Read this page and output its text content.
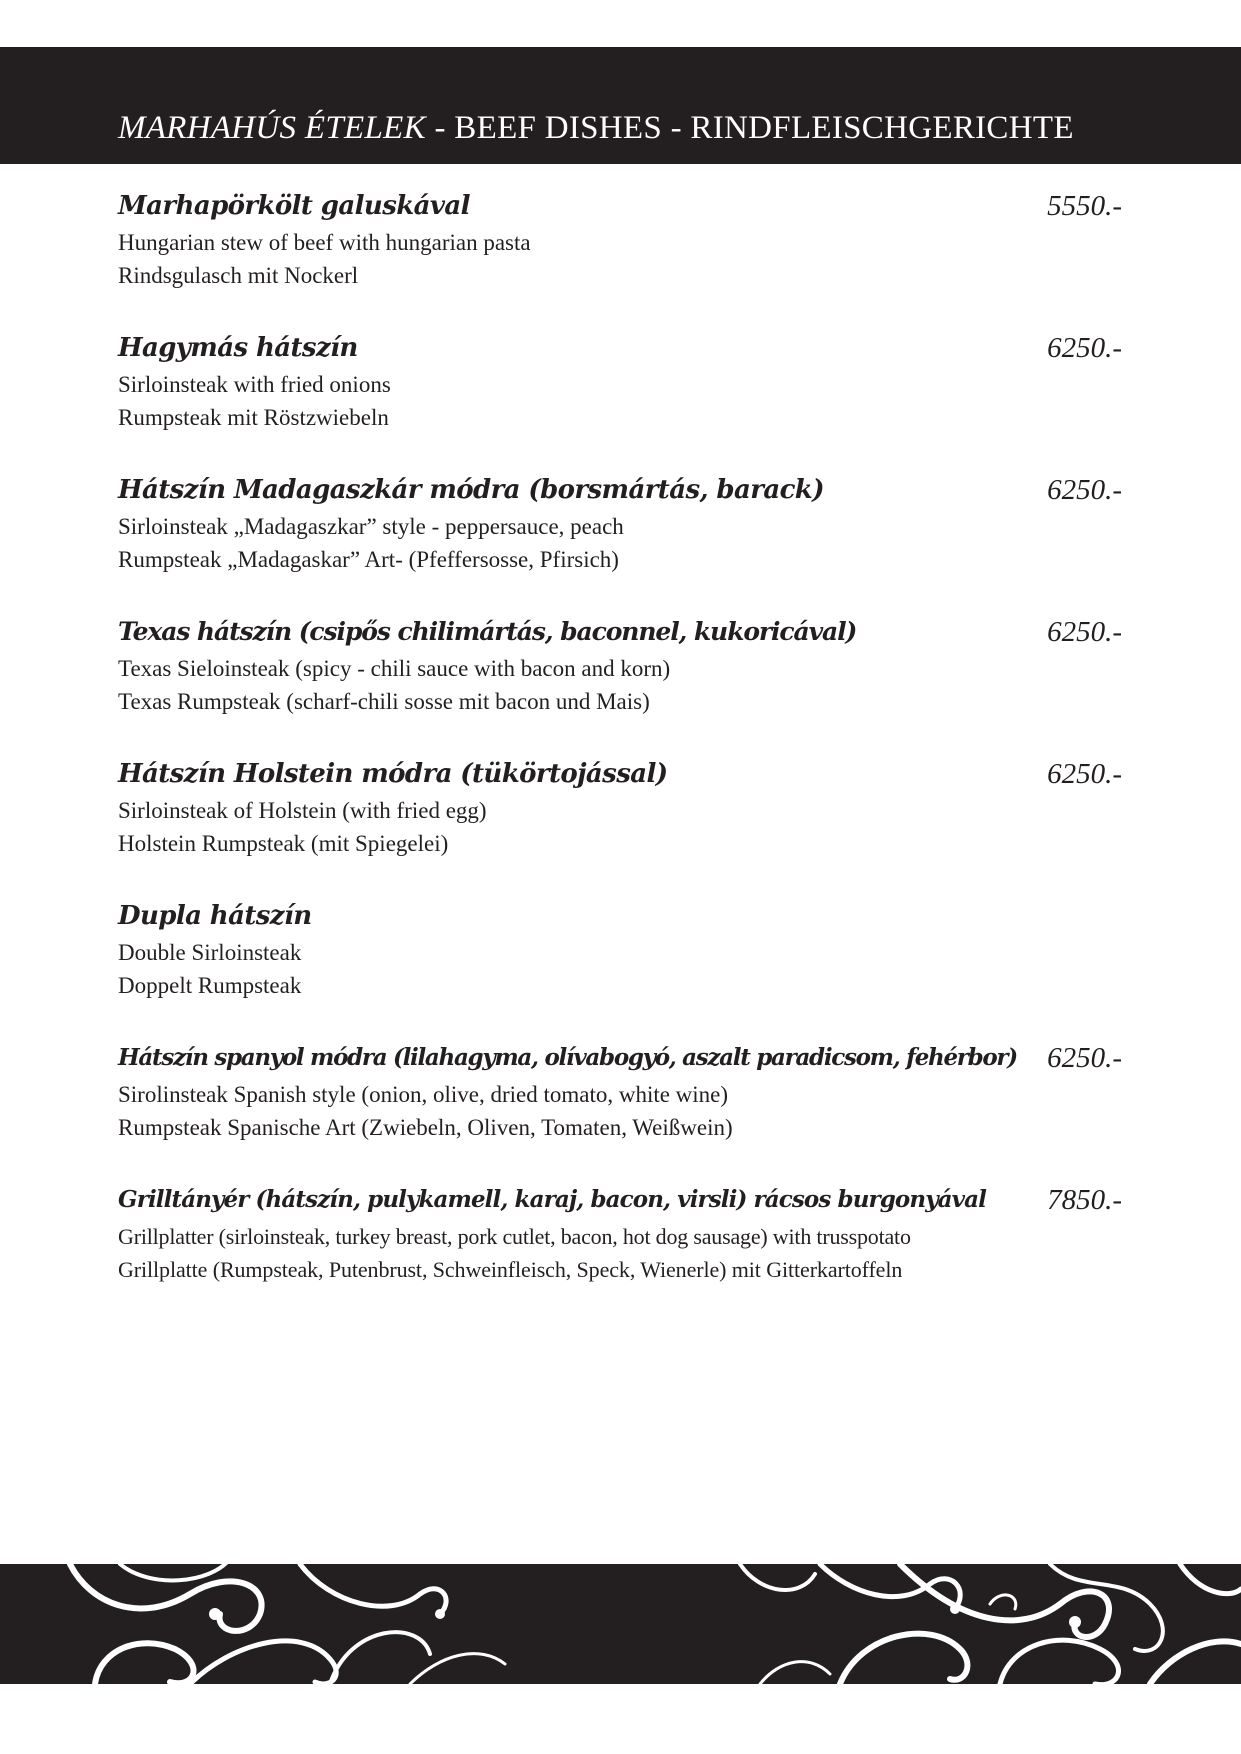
MARHAHÚS ÉTELEK - BEEF DISHES - RINDFLEISCHGERICHTE
Marhapörkölt galuskával	5550.-
Hungarian stew of beef with hungarian pasta
Rindsgulasch mit Nockerl
Hagymás hátszín	6250.-
Sirloinsteak with fried onions
Rumpsteak mit Röstzwiebeln
Hátszín Madagaszkár módra (borsmártás, barack)	6250.-
Sirloinsteak „Madagaszkar” style - peppersauce, peach
Rumpsteak „Madagaskar” Art- (Pfeffersosse, Pfirsich)
Texas hátszín (csipős chilimártás, baconnel, kukoricával)	6250.-
Texas Sieloinsteak (spicy - chili sauce with bacon and korn)
Texas Rumpsteak (scharf-chili sosse mit bacon und Mais)
Hátszín Holstein módra (tükörtojással)	6250.-
Sirloinsteak of Holstein (with fried egg)
Holstein Rumpsteak (mit Spiegelei)
Dupla hátszín
Double Sirloinsteak
Doppelt Rumpsteak
Hátszín spanyol módra (lilahagyma, olívabogyó, aszalt paradicsom, fehérbor) 6250.-
Sirolinsteak Spanish style (onion, olive, dried tomato, white wine)
Rumpsteak Spanische Art (Zwiebeln, Oliven, Tomaten, Weißwein)
Grilltányér (hátszín, pulykamell, karaj, bacon, virsli) rácsos burgonyával 7850.-
Grillplatter (sirloinsteak, turkey breast, pork cutlet, bacon, hot dog sausage) with trusspotato
Grillplatte (Rumpsteak, Putenbrust, Schweinfleisch, Speck, Wienerle) mit Gitterkartoffeln
